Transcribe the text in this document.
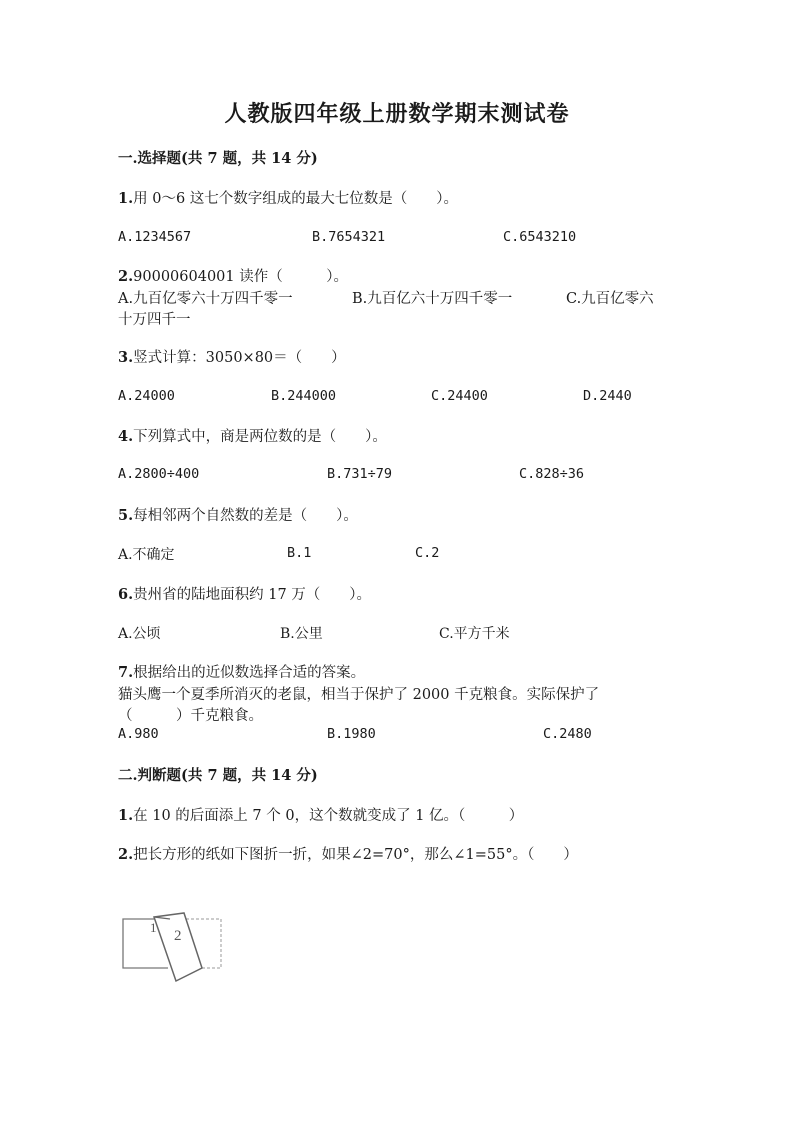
人教版四年级上册数学期末测试卷
一.选择题(共 7 题，共 14 分)
1.用 0～6 这七个数字组成的最大七位数是（　　）。
A.1234567	B.7654321	C.6543210
2.90000604001 读作（　　　）。
A.九百亿零六十万四千零一	B.九百亿六十万四千零一	C.九百亿零六
十万四千一
3.竖式计算：3050×80＝（　　）
A.24000	B.244000	C.24400	D.2440
4.下列算式中，商是两位数的是（　　）。
A.2800÷400	B.731÷79	C.828÷36
5.每相邻两个自然数的差是（　　）。
A.不确定	B.1	C.2
6.贵州省的陆地面积约 17 万（　　）。
A.公顷	B.公里	C.平方千米
7.根据给出的近似数选择合适的答案。
猫头鹰一个夏季所消灭的老鼠，相当于保护了 2000 千克粮食。实际保护了
（　　　）千克粮食。
A.980	B.1980	C.2480
二.判断题(共 7 题，共 14 分)
1.在 10 的后面添上 7 个 0，这个数就变成了 1 亿。（　　　）
2.把长方形的纸如下图折一折，如果∠2=70°，那么∠1=55°。（　　）
1
2
